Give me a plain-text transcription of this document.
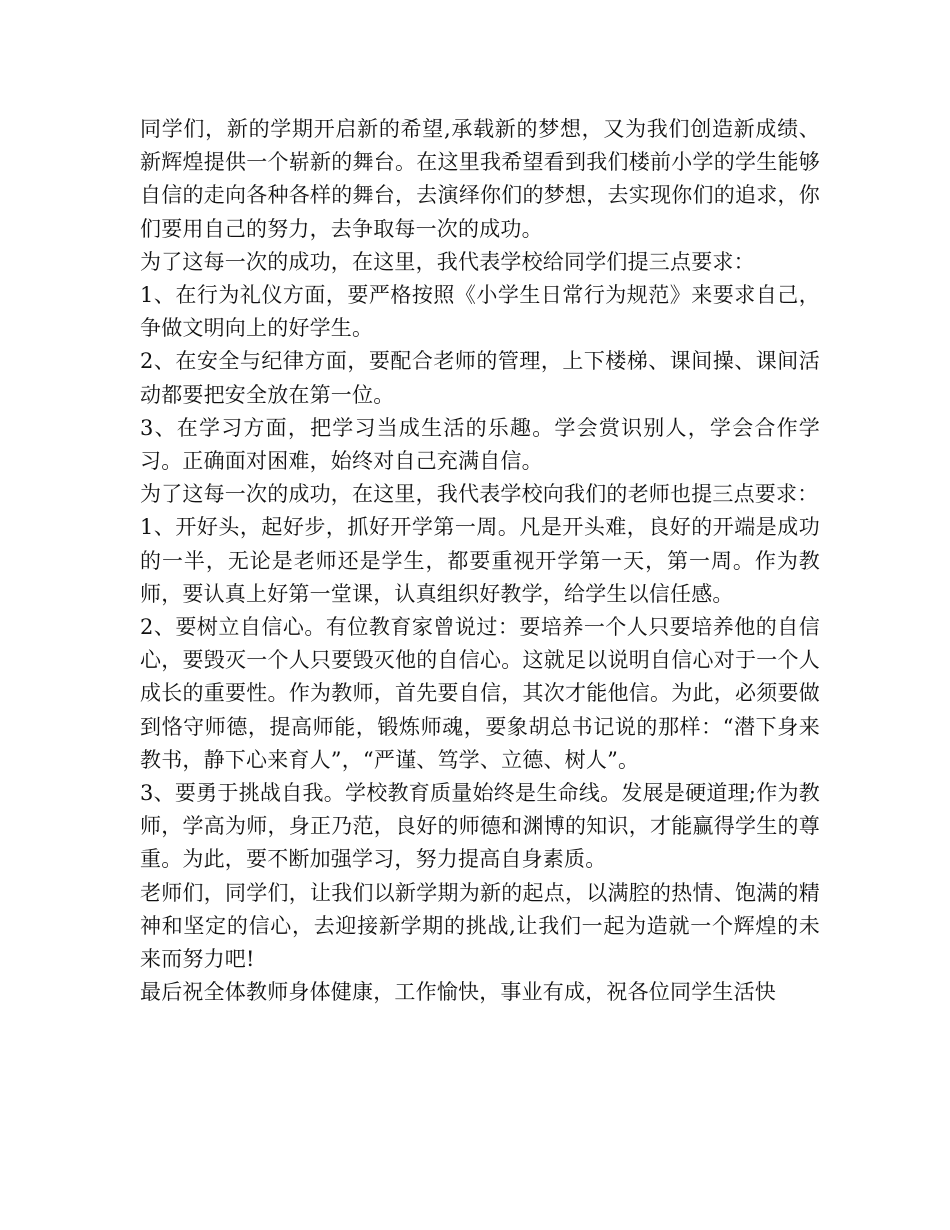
同学们，新的学期开启新的希望,承载新的梦想，又为我们创造新成绩、新辉煌提供一个崭新的舞台。在这里我希望看到我们楼前小学的学生能够自信的走向各种各样的舞台，去演绎你们的梦想，去实现你们的追求，你们要用自己的努力，去争取每一次的成功。

为了这每一次的成功，在这里，我代表学校给同学们提三点要求：

1、在行为礼仪方面，要严格按照《小学生日常行为规范》来要求自己，争做文明向上的好学生。

2、在安全与纪律方面，要配合老师的管理，上下楼梯、课间操、课间活动都要把安全放在第一位。

3、在学习方面，把学习当成生活的乐趣。学会赏识别人，学会合作学习。正确面对困难，始终对自己充满自信。

为了这每一次的成功，在这里，我代表学校向我们的老师也提三点要求：

1、开好头，起好步，抓好开学第一周。凡是开头难，良好的开端是成功的一半，无论是老师还是学生，都要重视开学第一天，第一周。作为教师，要认真上好第一堂课，认真组织好教学，给学生以信任感。

2、要树立自信心。有位教育家曾说过：要培养一个人只要培养他的自信心，要毁灭一个人只要毁灭他的自信心。这就足以说明自信心对于一个人成长的重要性。作为教师，首先要自信，其次才能他信。为此，必须要做到恪守师德，提高师能，锻炼师魂，要象胡总书记说的那样：“潜下身来教书，静下心来育人”，“严谨、笃学、立德、树人”。

3、要勇于挑战自我。学校教育质量始终是生命线。发展是硬道理;作为教师，学高为师，身正乃范，良好的师德和渊博的知识，才能赢得学生的尊重。为此，要不断加强学习，努力提高自身素质。

老师们，同学们，让我们以新学期为新的起点，以满腔的热情、饱满的精神和坚定的信心，去迎接新学期的挑战,让我们一起为造就一个辉煌的未来而努力吧!

最后祝全体教师身体健康，工作愉快，事业有成，祝各位同学生活快
